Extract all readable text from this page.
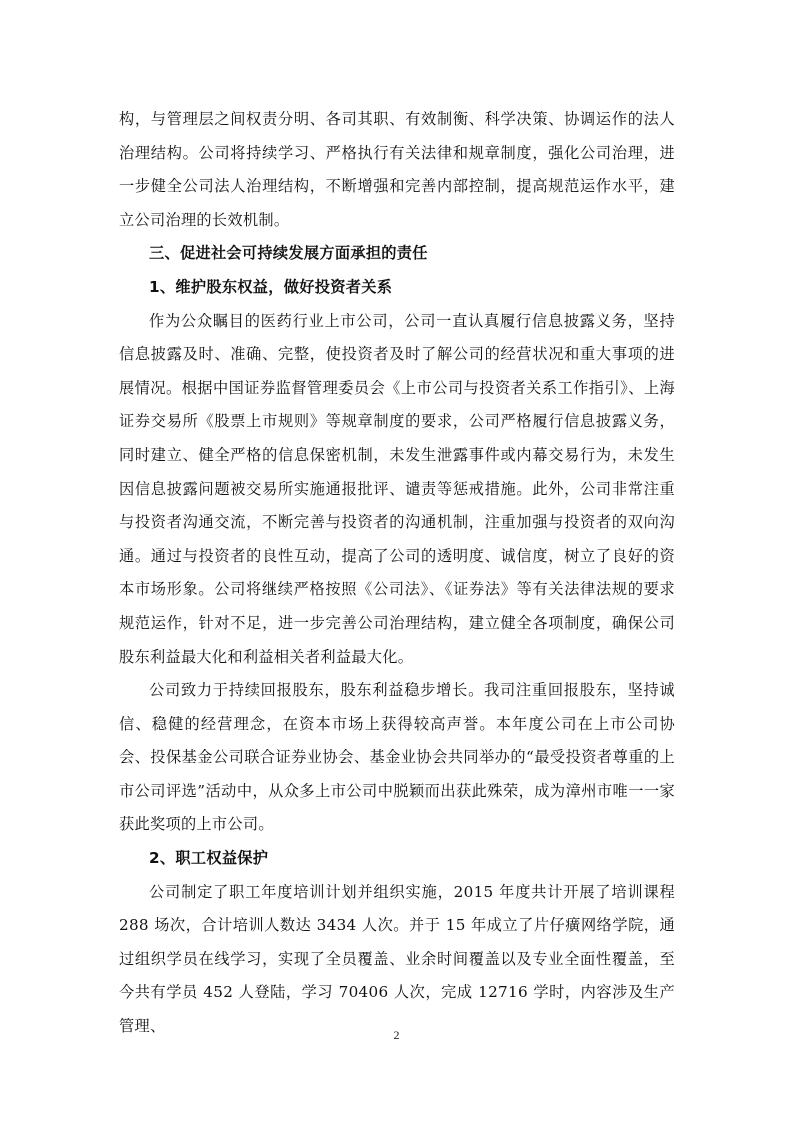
构，与管理层之间权责分明、各司其职、有效制衡、科学决策、协调运作的法人治理结构。公司将持续学习、严格执行有关法律和规章制度，强化公司治理，进一步健全公司法人治理结构，不断增强和完善内部控制，提高规范运作水平，建立公司治理的长效机制。

三、促进社会可持续发展方面承担的责任

1、维护股东权益，做好投资者关系

作为公众瞩目的医药行业上市公司，公司一直认真履行信息披露义务，坚持信息披露及时、准确、完整，使投资者及时了解公司的经营状况和重大事项的进展情况。根据中国证券监督管理委员会《上市公司与投资者关系工作指引》、上海证券交易所《股票上市规则》等规章制度的要求，公司严格履行信息披露义务，同时建立、健全严格的信息保密机制，未发生泄露事件或内幕交易行为，未发生因信息披露问题被交易所实施通报批评、谴责等惩戒措施。此外，公司非常注重与投资者沟通交流，不断完善与投资者的沟通机制，注重加强与投资者的双向沟通。通过与投资者的良性互动，提高了公司的透明度、诚信度，树立了良好的资本市场形象。公司将继续严格按照《公司法》、《证券法》等有关法律法规的要求规范运作，针对不足，进一步完善公司治理结构，建立健全各项制度，确保公司股东利益最大化和利益相关者利益最大化。

公司致力于持续回报股东，股东利益稳步增长。我司注重回报股东，坚持诚信、稳健的经营理念，在资本市场上获得较高声誉。本年度公司在上市公司协会、投保基金公司联合证券业协会、基金业协会共同举办的“最受投资者尊重的上市公司评选”活动中，从众多上市公司中脱颖而出获此殊荣，成为漳州市唯一一家获此奖项的上市公司。

2、职工权益保护

公司制定了职工年度培训计划并组织实施，2015 年度共计开展了培训课程 288 场次，合计培训人数达 3434 人次。并于 15 年成立了片仔癀网络学院，通过组织学员在线学习，实现了全员覆盖、业余时间覆盖以及专业全面性覆盖，至今共有学员 452 人登陆，学习 70406 人次，完成 12716 学时，内容涉及生产管理、	2
